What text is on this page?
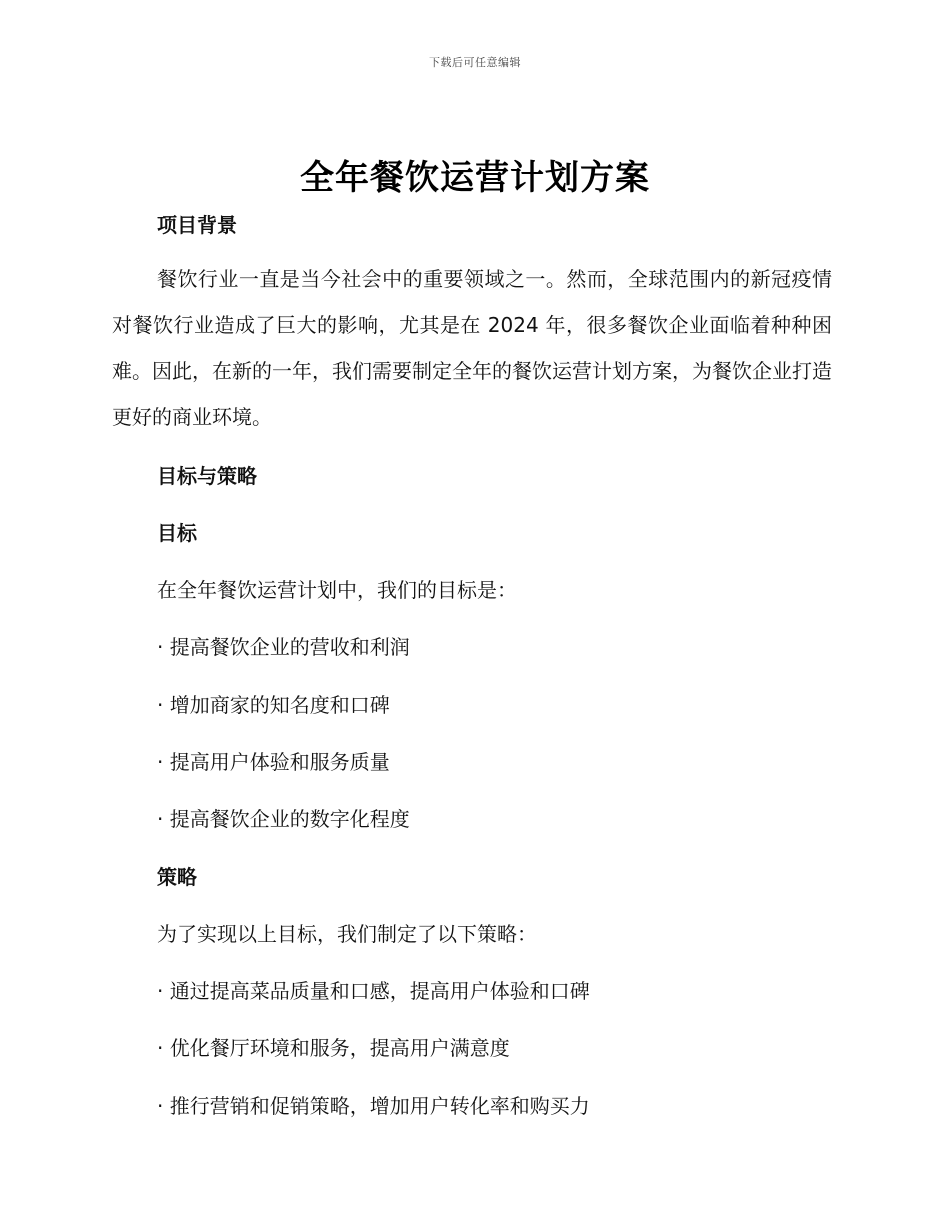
下载后可任意编辑
全年餐饮运营计划方案
项目背景

餐饮行业一直是当今社会中的重要领域之一。然而，全球范围内的新冠疫情对餐饮行业造成了巨大的影响，尤其是在 2024 年，很多餐饮企业面临着种种困难。因此，在新的一年，我们需要制定全年的餐饮运营计划方案，为餐饮企业打造更好的商业环境。

目标与策略
目标
在全年餐饮运营计划中，我们的目标是：
· 提高餐饮企业的营收和利润
· 增加商家的知名度和口碑
· 提高用户体验和服务质量
· 提高餐饮企业的数字化程度
策略
为了实现以上目标，我们制定了以下策略：
· 通过提高菜品质量和口感，提高用户体验和口碑
· 优化餐厅环境和服务，提高用户满意度
· 推行营销和促销策略，增加用户转化率和购买力
